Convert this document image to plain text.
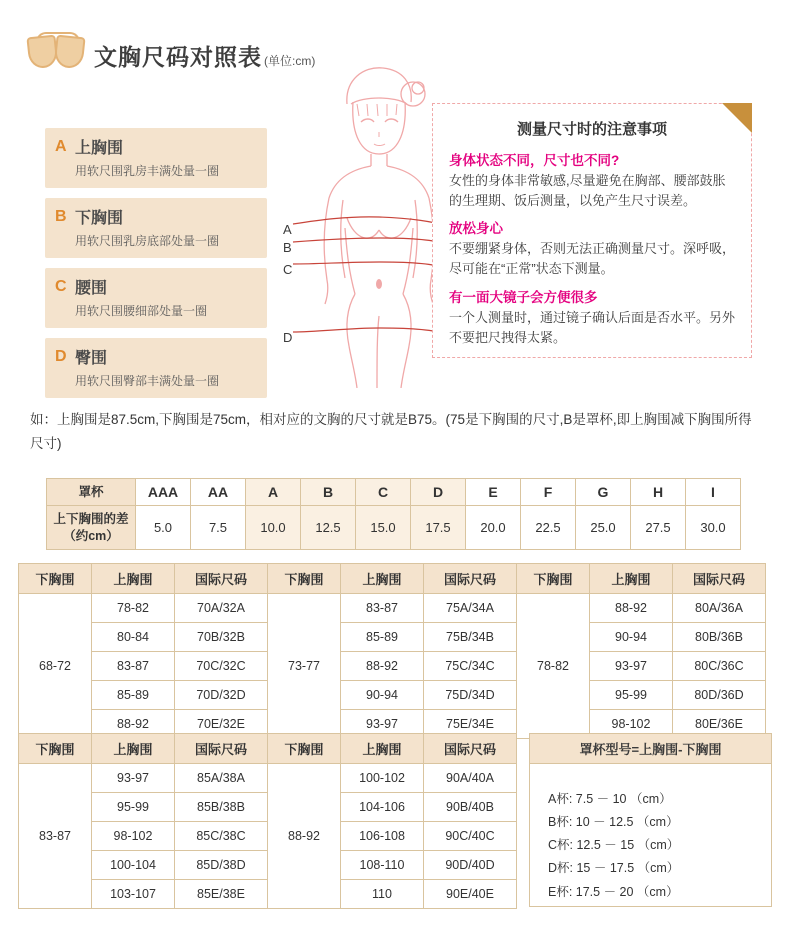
文胸尺码对照表 (单位:cm)
A 上胸围
用软尺围乳房丰满处量一圈
B 下胸围
用软尺围乳房底部处量一圈
C 腰围
用软尺围腰细部处量一圈
D 臀围
用软尺围臀部丰满处量一圈
A
B
C
D
测量尺寸时的注意事项
身体状态不同，尺寸也不同?
女性的身体非常敏感,尽量避免在胸部、腰部鼓胀的生理期、饭后测量，以免产生尺寸误差。
放松身心
不要绷紧身体，否则无法正确测量尺寸。深呼吸，尽可能在“正常”状态下测量。
有一面大镜子会方便很多
一个人测量时，通过镜子确认后面是否水平。另外不要把尺拽得太紧。
如：上胸围是87.5cm,下胸围是75cm，相对应的文胸的尺寸就是B75。(75是下胸围的尺寸,B是罩杯,即上胸围减下胸围所得尺寸)
罩杯	AAA	AA	A	B	C	D	E	F	G	H	I
上下胸围的差（约cm）	5.0	7.5	10.0	12.5	15.0	17.5	20.0	22.5	25.0	27.5	30.0
下胸围	上胸围	国际尺码	下胸围	上胸围	国际尺码	下胸围	上胸围	国际尺码
68-72	78-82	70A/32A	73-77	83-87	75A/34A	78-82	88-92	80A/36A
	80-84	70B/32B		85-89	75B/34B		90-94	80B/36B
	83-87	70C/32C		88-92	75C/34C		93-97	80C/36C
	85-89	70D/32D		90-94	75D/34D		95-99	80D/36D
	88-92	70E/32E		93-97	75E/34E		98-102	80E/36E
下胸围	上胸围	国际尺码	下胸围	上胸围	国际尺码
83-87	93-97	85A/38A	88-92	100-102	90A/40A
	95-99	85B/38B		104-106	90B/40B
	98-102	85C/38C		106-108	90C/40C
	100-104	85D/38D		108-110	90D/40D
	103-107	85E/38E		110	90E/40E
罩杯型号=上胸围-下胸围
A杯: 7.5 － 10 （cm）
B杯: 10 － 12.5 （cm）
C杯: 12.5 － 15 （cm）
D杯: 15 － 17.5 （cm）
E杯: 17.5 － 20 （cm）
